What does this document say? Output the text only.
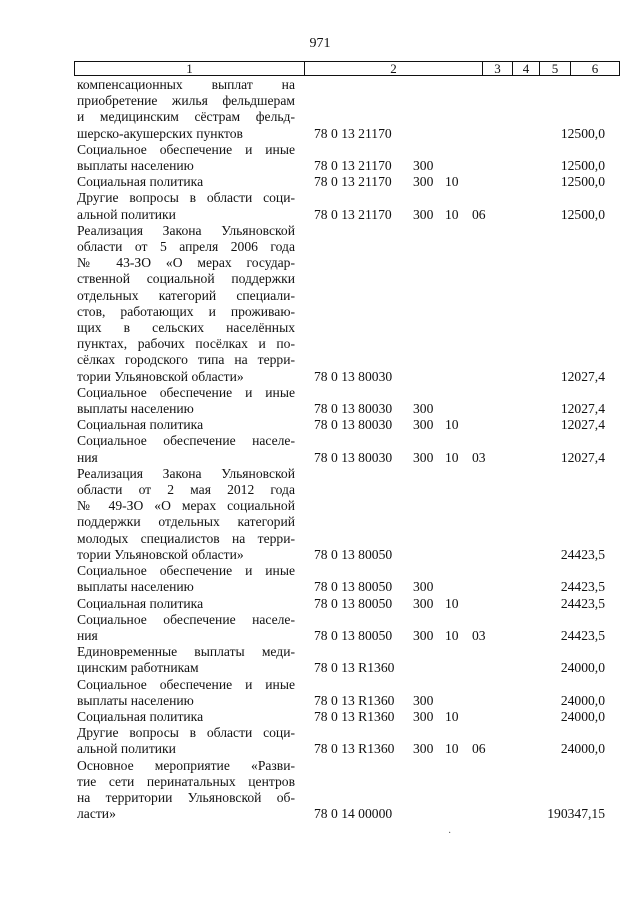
971
1	2	3	4	5	6
компенсационных выплат на
приобретение жилья фельдшерам
и медицинским сёстрам фельд-
шерско-акушерских пунктов	78 0 13 21170	12500,0
Социальное обеспечение и иные
выплаты населению	78 0 13 21170 300	12500,0
Социальная политика	78 0 13 21170 300 10	12500,0
Другие вопросы в области соци-
альной политики	78 0 13 21170 300 10 06	12500,0
Реализация Закона Ульяновской
области от 5 апреля 2006 года
№ 43-ЗО «О мерах государ-
ственной социальной поддержки
отдельных категорий специали-
стов, работающих и проживаю-
щих в сельских населённых
пунктах, рабочих посёлках и по-
сёлках городского типа на терри-
тории Ульяновской области»	78 0 13 80030	12027,4
Социальное обеспечение и иные
выплаты населению	78 0 13 80030 300	12027,4
Социальная политика	78 0 13 80030 300 10	12027,4
Социальное обеспечение населе-
ния	78 0 13 80030 300 10 03	12027,4
Реализация Закона Ульяновской
области от 2 мая 2012 года
№ 49-ЗО «О мерах социальной
поддержки отдельных категорий
молодых специалистов на терри-
тории Ульяновской области»	78 0 13 80050	24423,5
Социальное обеспечение и иные
выплаты населению	78 0 13 80050 300	24423,5
Социальная политика	78 0 13 80050 300 10	24423,5
Социальное обеспечение населе-
ния	78 0 13 80050 300 10 03	24423,5
Единовременные выплаты меди-
цинским работникам	78 0 13 R1360	24000,0
Социальное обеспечение и иные
выплаты населению	78 0 13 R1360 300	24000,0
Социальная политика	78 0 13 R1360 300 10	24000,0
Другие вопросы в области соци-
альной политики	78 0 13 R1360 300 10 06	24000,0
Основное мероприятие «Разви-
тие сети перинатальных центров
на территории Ульяновской об-
ласти»	78 0 14 00000	190347,15
·
